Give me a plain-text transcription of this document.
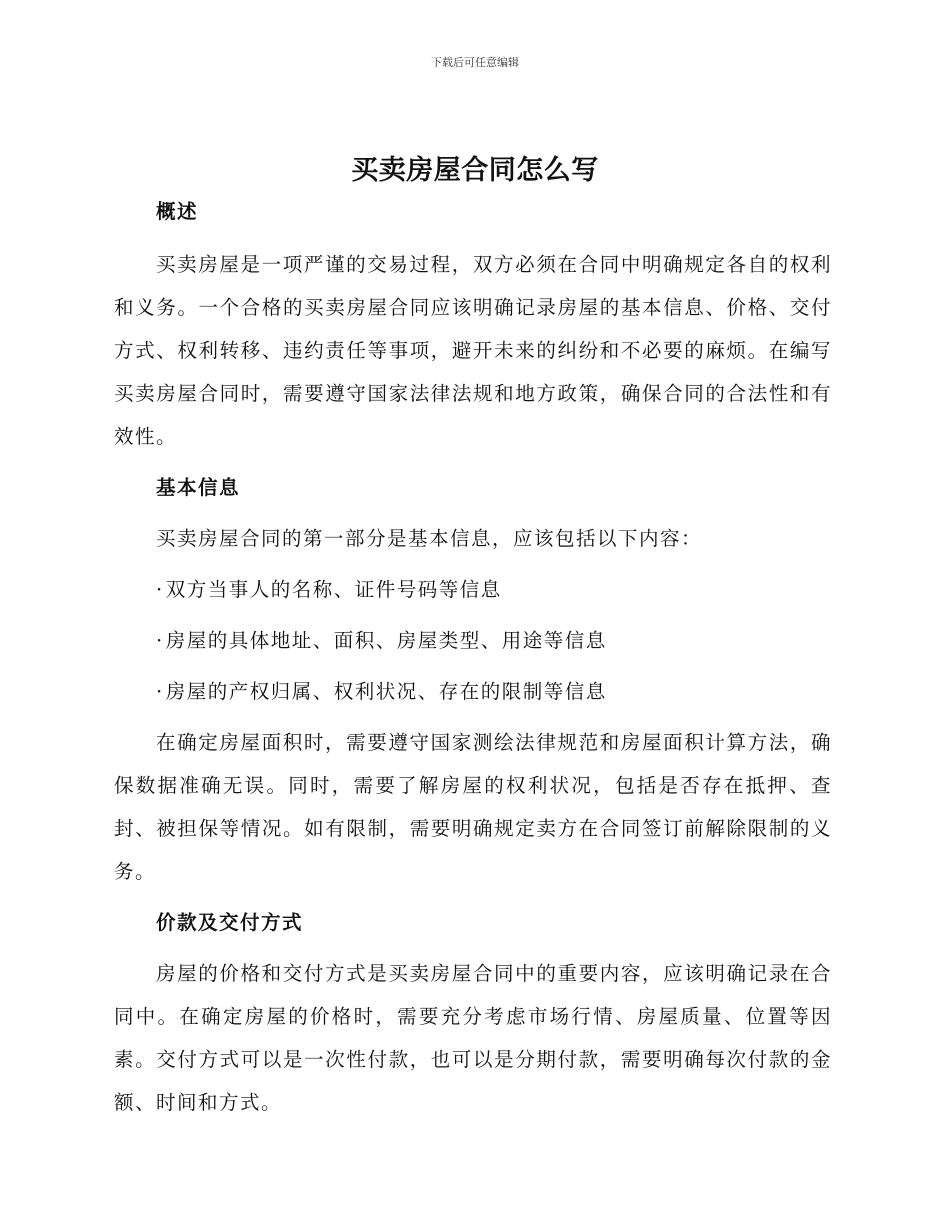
下载后可任意编辑
买卖房屋合同怎么写
概述

买卖房屋是一项严谨的交易过程，双方必须在合同中明确规定各自的权利和义务。一个合格的买卖房屋合同应该明确记录房屋的基本信息、价格、交付方式、权利转移、违约责任等事项，避开未来的纠纷和不必要的麻烦。在编写买卖房屋合同时，需要遵守国家法律法规和地方政策，确保合同的合法性和有效性。

基本信息

买卖房屋合同的第一部分是基本信息，应该包括以下内容：

· 双方当事人的名称、证件号码等信息

· 房屋的具体地址、面积、房屋类型、用途等信息

· 房屋的产权归属、权利状况、存在的限制等信息

在确定房屋面积时，需要遵守国家测绘法律规范和房屋面积计算方法，确保数据准确无误。同时，需要了解房屋的权利状况，包括是否存在抵押、查封、被担保等情况。如有限制，需要明确规定卖方在合同签订前解除限制的义务。

价款及交付方式

房屋的价格和交付方式是买卖房屋合同中的重要内容，应该明确记录在合同中。在确定房屋的价格时，需要充分考虑市场行情、房屋质量、位置等因素。交付方式可以是一次性付款，也可以是分期付款，需要明确每次付款的金额、时间和方式。
